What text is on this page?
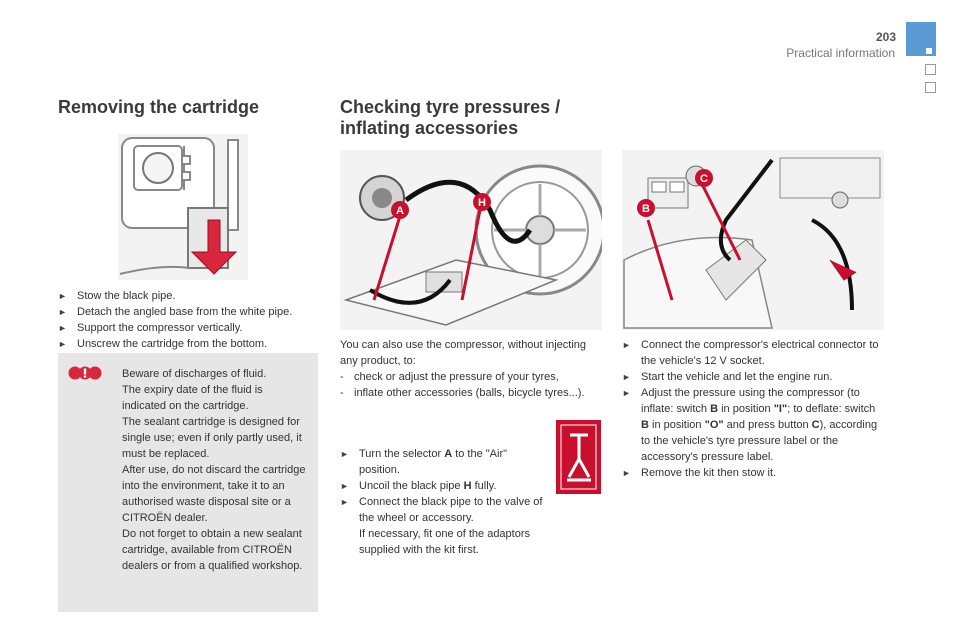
203
Practical information
Removing the cartridge
► Stow the black pipe.
► Detach the angled base from the white pipe.
► Support the compressor vertically.
► Unscrew the cartridge from the bottom.

Beware of discharges of fluid.

The expiry date of the fluid is indicated on the cartridge.

The sealant cartridge is designed for single use; even if only partly used, it must be replaced.

After use, do not discard the cartridge into the environment, take it to an authorised waste disposal site or a CITROËN dealer.

Do not forget to obtain a new sealant cartridge, available from CITROËN dealers or from a qualified workshop.

Checking tyre pressures /
inflating accessories
A
H

You can also use the compressor, without injecting any product, to:

- check or adjust the pressure of your tyres,
- inflate other accessories (balls, bicycle tyres...).
► Turn the selector A to the "Air" position.
► Uncoil the black pipe H fully.
► Connect the black pipe to the valve of the wheel or accessory.
If necessary, fit one of the adaptors supplied with the kit first.
B
C
► Connect the compressor's electrical connector to the vehicle's 12 V socket.
► Start the vehicle and let the engine run.
► Adjust the pressure using the compressor (to inflate: switch B in position "I"; to deflate: switch B in position "O" and press button C), according to the vehicle's tyre pressure label or the accessory's pressure label.
► Remove the kit then stow it.
